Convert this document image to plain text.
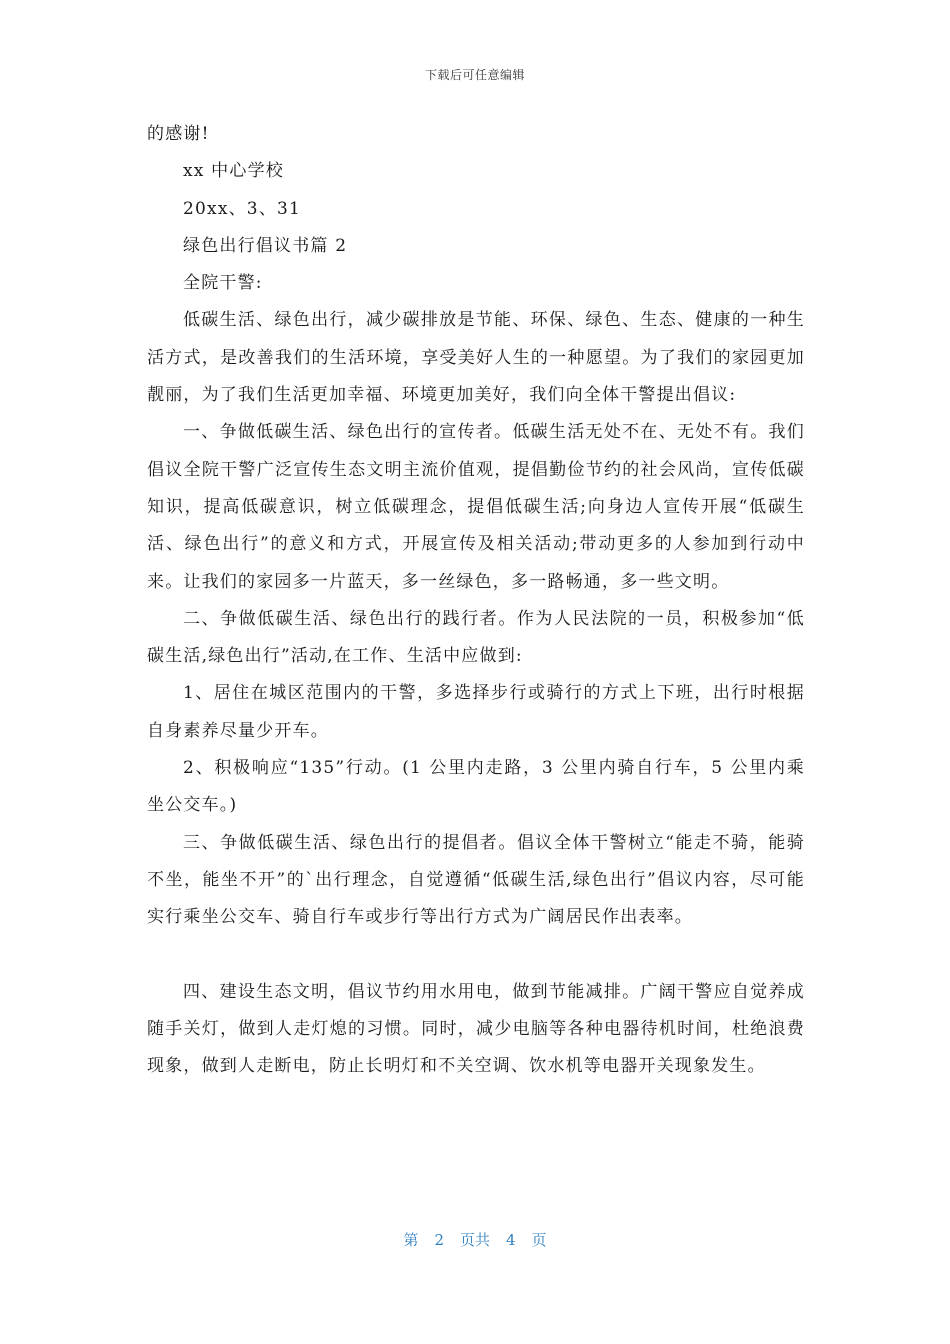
下载后可任意编辑

的感谢!

xx 中心学校

20xx、3、31

绿色出行倡议书篇 2

全院干警:

低碳生活、绿色出行，减少碳排放是节能、环保、绿色、生态、健康的一种生活方式，是改善我们的生活环境，享受美好人生的一种愿望。为了我们的家园更加靓丽，为了我们生活更加幸福、环境更加美好，我们向全体干警提出倡议:

一、争做低碳生活、绿色出行的宣传者。低碳生活无处不在、无处不有。我们倡议全院干警广泛宣传生态文明主流价值观，提倡勤俭节约的社会风尚，宣传低碳知识，提高低碳意识，树立低碳理念，提倡低碳生活;向身边人宣传开展“低碳生活、绿色出行”的意义和方式，开展宣传及相关活动;带动更多的人参加到行动中来。让我们的家园多一片蓝天，多一丝绿色，多一路畅通，多一些文明。

二、争做低碳生活、绿色出行的践行者。作为人民法院的一员，积极参加“低碳生活,绿色出行”活动,在工作、生活中应做到:

1、居住在城区范围内的干警，多选择步行或骑行的方式上下班，出行时根据自身素养尽量少开车。

2、积极响应“135”行动。(1 公里内走路，3 公里内骑自行车，5 公里内乘坐公交车。)

三、争做低碳生活、绿色出行的提倡者。倡议全体干警树立“能走不骑，能骑不坐，能坐不开”的`出行理念，自觉遵循“低碳生活,绿色出行”倡议内容，尽可能实行乘坐公交车、骑自行车或步行等出行方式为广阔居民作出表率。

四、建设生态文明，倡议节约用水用电，做到节能减排。广阔干警应自觉养成随手关灯，做到人走灯熄的习惯。同时，减少电脑等各种电器待机时间，杜绝浪费现象，做到人走断电，防止长明灯和不关空调、饮水机等电器开关现象发生。

第 2 页共 4 页
